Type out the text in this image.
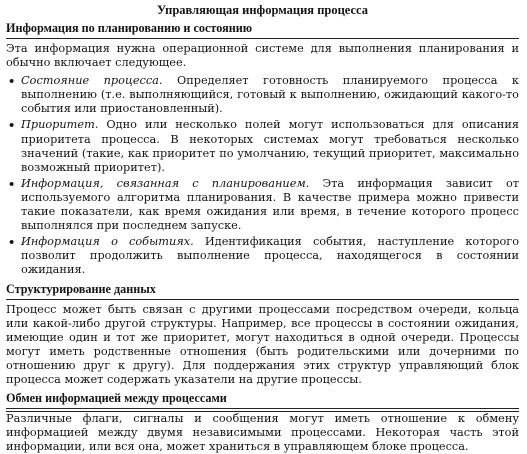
Управляющая информация процесса
Информация по планированию и состоянию
Эта информация нужна операционной системе для выполнения планирования и обычно включает следующее.
• Состояние процесса. Определяет готовность планируемого процесса к выполнению (т.е. выполняющийся, готовый к выполнению, ожидающий какого-то события или приостановленный).
• Приоритет. Одно или несколько полей могут использоваться для описания приоритета процесса. В некоторых системах могут требоваться несколько значений (такие, как приоритет по умолчанию, текущий приоритет, максимально возможный приоритет).
• Информация, связанная с планированием. Эта информация зависит от используемого алгоритма планирования. В качестве примера можно привести такие показатели, как время ожидания или время, в течение которого процесс выполнялся при последнем запуске.
• Информация о событиях. Идентификация события, наступление которого позволит продолжить выполнение процесса, находящегося в состоянии ожидания.
Структурирование данных
Процесс может быть связан с другими процессами посредством очереди, кольца или какой-либо другой структуры. Например, все процессы в состоянии ожидания, имеющие один и тот же приоритет, могут находиться в одной очереди. Процессы могут иметь родственные отношения (быть родительскими или дочерними по отношению друг к другу). Для поддержания этих структур управляющий блок процесса может содержать указатели на другие процессы.
Обмен информацией между процессами
Различные флаги, сигналы и сообщения могут иметь отношение к обмену информацией между двумя независимыми процессами. Некоторая часть этой информации, или вся она, может храниться в управляющем блоке процесса.
